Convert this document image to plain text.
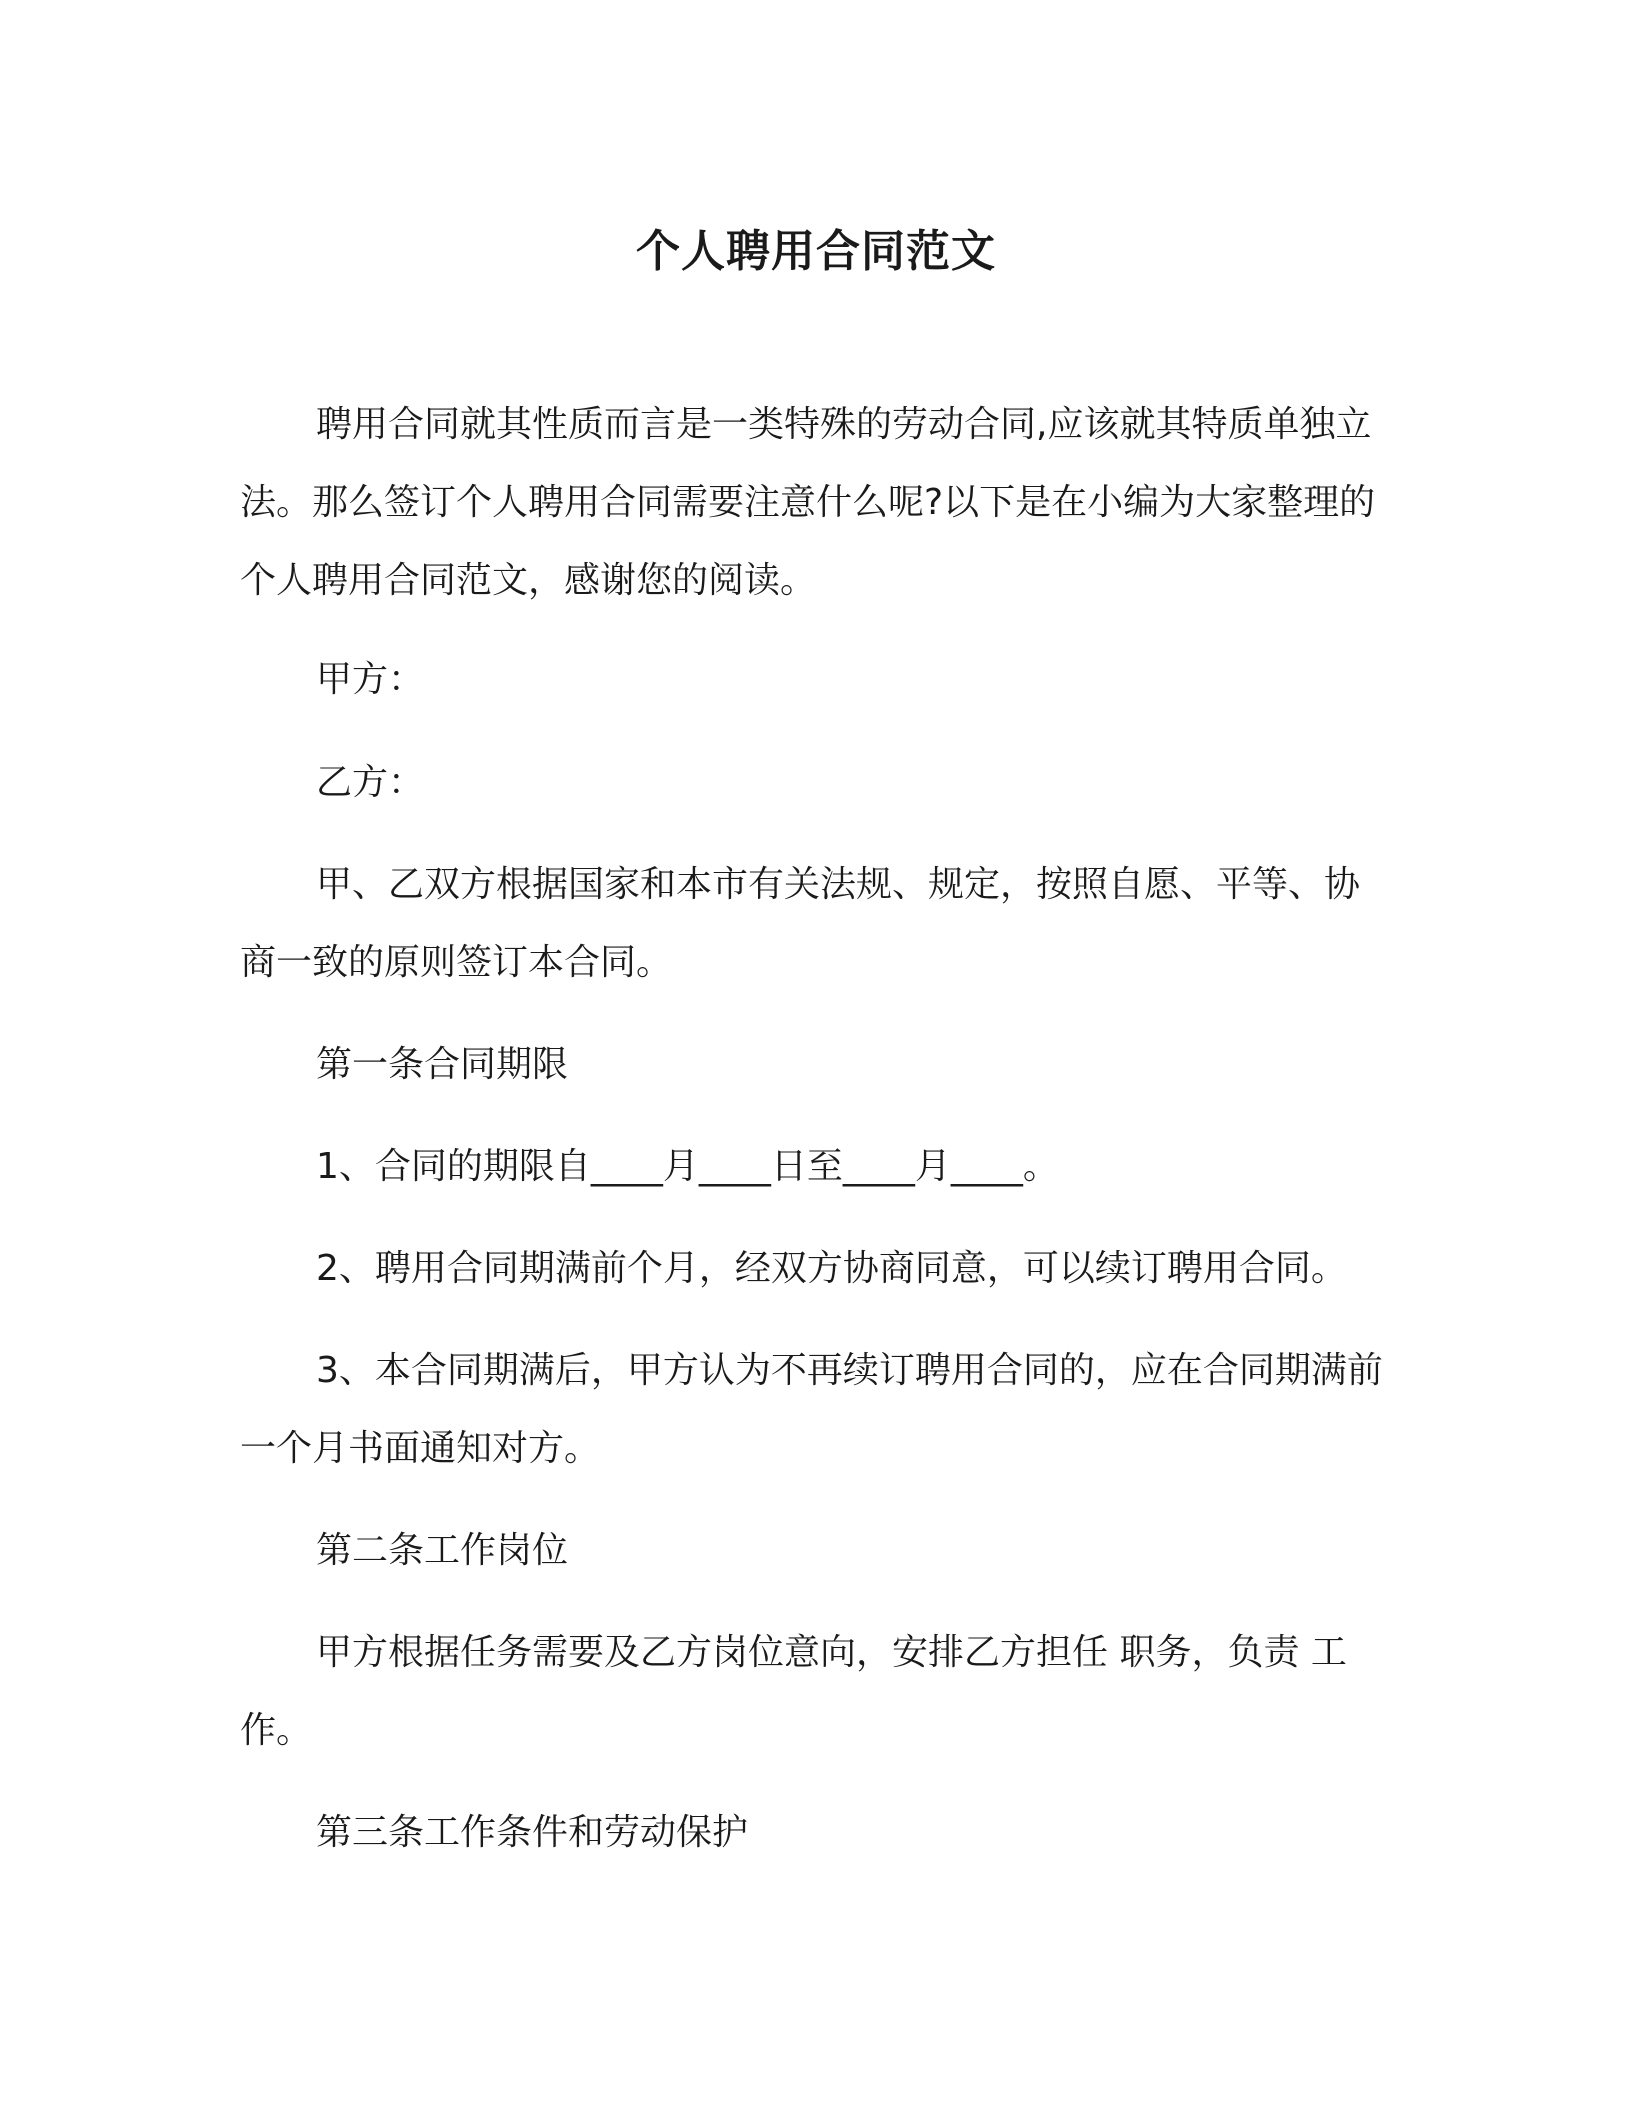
个人聘用合同范文

聘用合同就其性质而言是一类特殊的劳动合同,应该就其特质单独立法。那么签订个人聘用合同需要注意什么呢?以下是在小编为大家整理的个人聘用合同范文，感谢您的阅读。

甲方：

乙方：

甲、乙双方根据国家和本市有关法规、规定，按照自愿、平等、协商一致的原则签订本合同。

第一条合同期限

1、合同的期限自____月____日至____月____。

2、聘用合同期满前个月，经双方协商同意，可以续订聘用合同。

3、本合同期满后，甲方认为不再续订聘用合同的，应在合同期满前一个月书面通知对方。

第二条工作岗位

甲方根据任务需要及乙方岗位意向，安排乙方担任 职务，负责 工作。

第三条工作条件和劳动保护
